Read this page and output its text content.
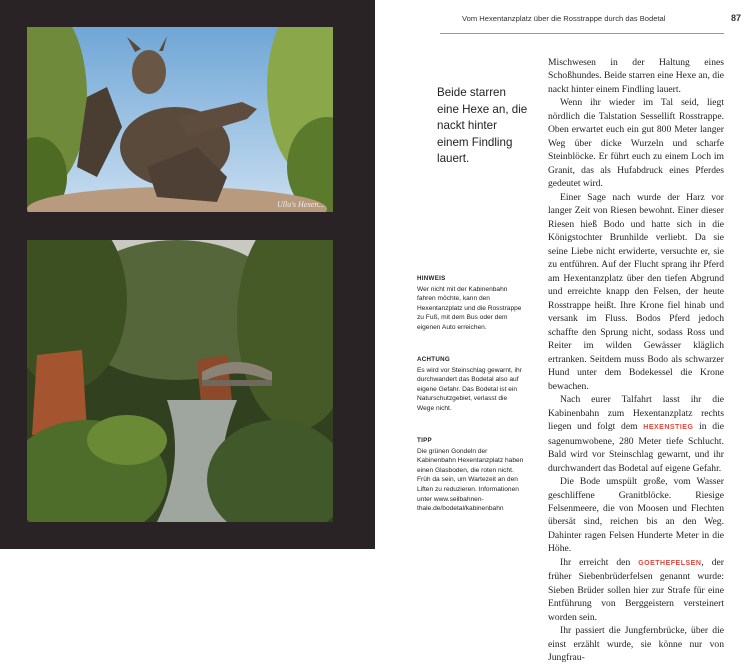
Ullo's Hexen...
Vom Hexentanzplatz über die Rosstrappe durch das Bodetal	87
Beide starren eine Hexe an, die nackt hinter einem Findling lauert.
HINWEIS
Wer nicht mit der Kabinenbahn fahren möchte, kann den Hexentanzplatz und die Rosstrappe zu Fuß, mit dem Bus oder dem eigenen Auto erreichen.
ACHTUNG
Es wird vor Steinschlag gewarnt, ihr durchwandert das Bodetal also auf eigene Gefahr. Das Bodetal ist ein Naturschutzgebiet, verlasst die Wege nicht.
TIPP
Die grünen Gondeln der Kabinenbahn Hexentanzplatz haben einen Glasboden, die roten nicht. Früh da sein, um Wartezeit an den Liften zu reduzieren. Informationen unter www.seilbahnen-thale.de/bodetal/kabinenbahn

Mischwesen in der Haltung eines Schoßhundes. Beide starren eine Hexe an, die nackt hinter einem Findling lauert.

Wenn ihr wieder im Tal seid, liegt nördlich die Talstation Sessellift Rosstrappe. Oben erwartet euch ein gut 800 Meter langer Weg über dicke Wurzeln und scharfe Steinblöcke. Er führt euch zu einem Loch im Granit, das als Hufabdruck eines Pferdes gedeutet wird.

Einer Sage nach wurde der Harz vor langer Zeit von Riesen bewohnt. Einer dieser Riesen hieß Bodo und hatte sich in die Königstochter Brunhilde verliebt. Da sie seine Liebe nicht erwiderte, versuchte er, sie zu entführen. Auf der Flucht sprang ihr Pferd am Hexentanzplatz über den tiefen Abgrund und erreichte knapp den Felsen, der heute Rosstrappe heißt. Ihre Krone fiel hinab und versank im Fluss. Bodos Pferd jedoch schaffte den Sprung nicht, sodass Ross und Reiter im wilden Gewässer kläglich ertranken. Seitdem muss Bodo als schwarzer Hund unter dem Bodekessel die Krone bewachen.

Nach eurer Talfahrt lasst ihr die Kabinenbahn zum Hexentanzplatz rechts liegen und folgt dem HEXENSTIEG in die sagenumwobene, 280 Meter tiefe Schlucht. Bald wird vor Steinschlag gewarnt, und ihr durchwandert das Bodetal auf eigene Gefahr.

Die Bode umspült große, vom Wasser geschliffene Granitblöcke. Riesige Felsenmeere, die von Moosen und Flechten übersät sind, reichen bis an den Weg. Dahinter ragen Felsen Hunderte Meter in die Höhe.

Ihr erreicht den GOETHEFELSEN, der früher Siebenbrüderfelsen genannt wurde: Sieben Brüder sollen hier zur Strafe für eine Entführung von Berggeistern versteinert worden sein.

Ihr passiert die Jungfernbrücke, über die einst erzählt wurde, sie könne nur von Jungfrau-
